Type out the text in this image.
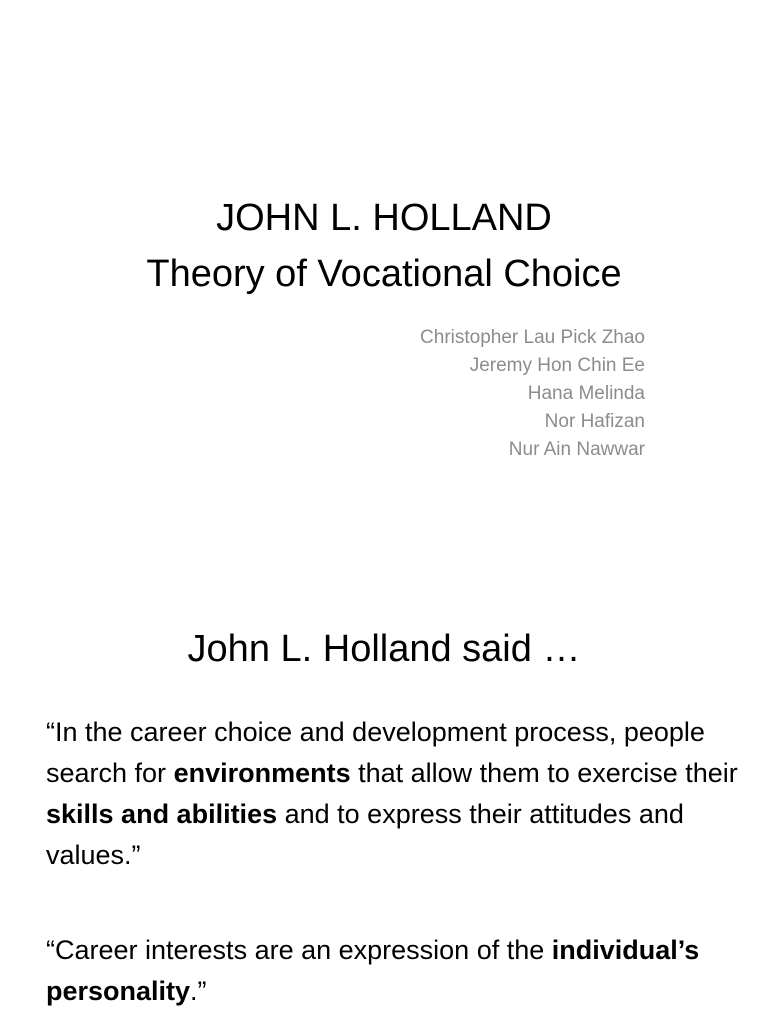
JOHN L. HOLLAND
Theory of Vocational Choice
Christopher Lau Pick Zhao
Jeremy Hon Chin Ee
Hana Melinda
Nor Hafizan
Nur Ain Nawwar
John L. Holland said …
“In the career choice and development process, people search for environments that allow them to exercise their skills and abilities and to express their attitudes and values.”
“Career interests are an expression of the individual’s personality.”
